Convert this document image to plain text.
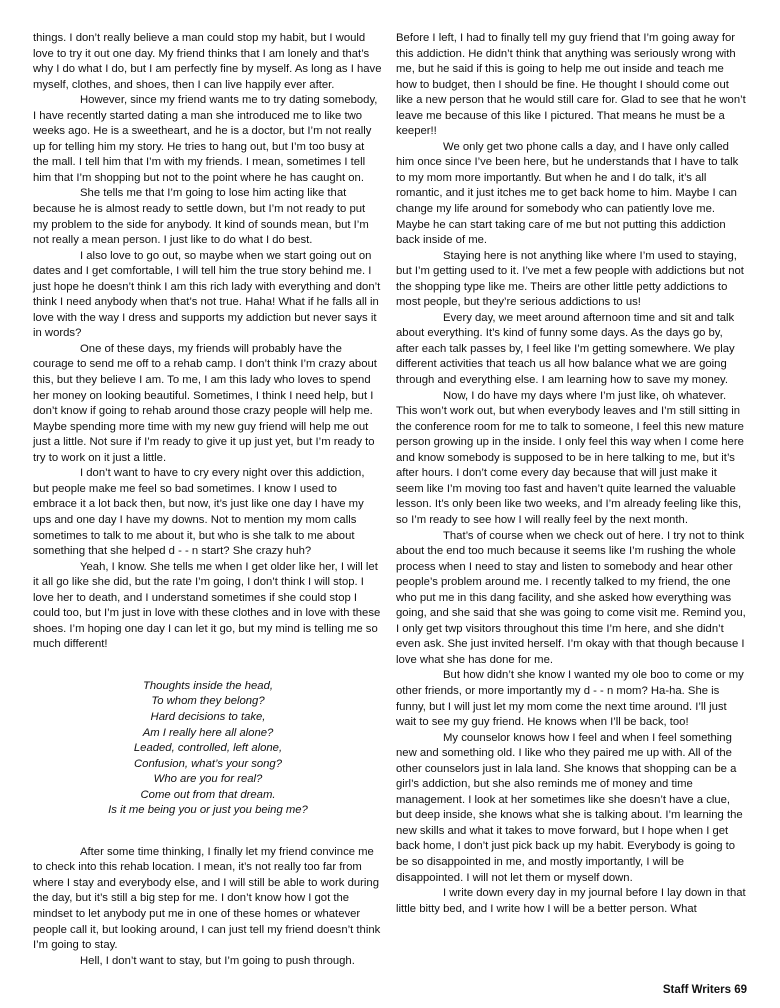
things. I don’t really believe a man could stop my habit, but I would love to try it out one day. My friend thinks that I am lonely and that’s why I do what I do, but I am perfectly fine by myself. As long as I have myself, clothes, and shoes, then I can live happily ever after.

However, since my friend wants me to try dating somebody, I have recently started dating a man she introduced me to like two weeks ago. He is a sweetheart, and he is a doctor, but I’m not really up for telling him my story. He tries to hang out, but I’m too busy at the mall. I tell him that I’m with my friends. I mean, sometimes I tell him that I’m shopping but not to the point where he has caught on.

She tells me that I’m going to lose him acting like that because he is almost ready to settle down, but I’m not ready to put my problem to the side for anybody. It kind of sounds mean, but I’m not really a mean person. I just like to do what I do best.

I also love to go out, so maybe when we start going out on dates and I get comfortable, I will tell him the true story behind me. I just hope he doesn’t think I am this rich lady with everything and don’t think I need anybody when that’s not true. Haha! What if he falls all in love with the way I dress and supports my addiction but never says it in words?

One of these days, my friends will probably have the courage to send me off to a rehab camp. I don’t think I’m crazy about this, but they believe I am. To me, I am this lady who loves to spend her money on looking beautiful. Sometimes, I think I need help, but I don’t know if going to rehab around those crazy people will help me. Maybe spending more time with my new guy friend will help me out just a little. Not sure if I’m ready to give it up just yet, but I’m ready to try to work on it just a little.

I don’t want to have to cry every night over this addiction, but people make me feel so bad sometimes. I know I used to embrace it a lot back then, but now, it’s just like one day I have my ups and one day I have my downs. Not to mention my mom calls sometimes to talk to me about it, but who is she talk to me about something that she helped d - - n start? She crazy huh?

Yeah, I know. She tells me when I get older like her, I will let it all go like she did, but the rate I’m going, I don’t think I will stop. I love her to death, and I understand sometimes if she could stop I could too, but I’m just in love with these clothes and in love with these shoes. I’m hoping one day I can let it go, but my mind is telling me so much different!

Thoughts inside the head,
To whom they belong?
Hard decisions to take,
Am I really here all alone?
Leaded, controlled, left alone,
Confusion, what’s your song?
Who are you for real?
Come out from that dream.
Is it me being you or just you being me?

After some time thinking, I finally let my friend convince me to check into this rehab location. I mean, it’s not really too far from where I stay and everybody else, and I will still be able to work during the day, but it’s still a big step for me. I don’t know how I got the mindset to let anybody put me in one of these homes or whatever people call it, but looking around, I can just tell my friend doesn’t think I’m going to stay.

Hell, I don’t want to stay, but I’m going to push through.

Before I left, I had to finally tell my guy friend that I’m going away for this addiction. He didn’t think that anything was seriously wrong with me, but he said if this is going to help me out inside and teach me how to budget, then I should be fine. He thought I should come out like a new person that he would still care for. Glad to see that he won’t leave me because of this like I pictured. That means he must be a keeper!!

We only get two phone calls a day, and I have only called him once since I’ve been here, but he understands that I have to talk to my mom more importantly. But when he and I do talk, it’s all romantic, and it just itches me to get back home to him. Maybe I can change my life around for somebody who can patiently love me. Maybe he can start taking care of me but not putting this addiction back inside of me.

Staying here is not anything like where I’m used to staying, but I’m getting used to it. I’ve met a few people with addictions but not the shopping type like me. Theirs are other little petty addictions to most people, but they’re serious addictions to us!

Every day, we meet around afternoon time and sit and talk about everything. It’s kind of funny some days. As the days go by, after each talk passes by, I feel like I’m getting somewhere. We play different activities that teach us all how balance what we are going through and everything else. I am learning how to save my money.

Now, I do have my days where I’m just like, oh whatever. This won’t work out, but when everybody leaves and I’m still sitting in the conference room for me to talk to someone, I feel this new mature person growing up in the inside. I only feel this way when I come here and know somebody is supposed to be in here talking to me, but it’s after hours. I don’t come every day because that will just make it seem like I’m moving too fast and haven’t quite learned the valuable lesson. It’s only been like two weeks, and I’m already feeling like this, so I’m ready to see how I will really feel by the next month.

That’s of course when we check out of here. I try not to think about the end too much because it seems like I’m rushing the whole process when I need to stay and listen to somebody and hear other people’s problem around me. I recently talked to my friend, the one who put me in this dang facility, and she asked how everything was going, and she said that she was going to come visit me. Remind you, I only get twp visitors throughout this time I’m here, and she didn’t even ask. She just invited herself. I’m okay with that though because I love what she has done for me.

But how didn’t she know I wanted my ole boo to come or my other friends, or more importantly my d - - n mom? Ha-ha. She is funny, but I will just let my mom come the next time around. I’ll just wait to see my guy friend. He knows when I’ll be back, too!

My counselor knows how I feel and when I feel something new and something old. I like who they paired me up with. All of the other counselors just in lala land. She knows that shopping can be a girl’s addiction, but she also reminds me of money and time management. I look at her sometimes like she doesn’t have a clue, but deep inside, she knows what she is talking about. I’m learning the new skills and what it takes to move forward, but I hope when I get back home, I don’t just pick back up my habit. Everybody is going to be so disappointed in me, and mostly importantly, I will be disappointed. I will not let them or myself down.

I write down every day in my journal before I lay down in that little bitty bed, and I write how I will be a better person. What

Staff Writers 69
